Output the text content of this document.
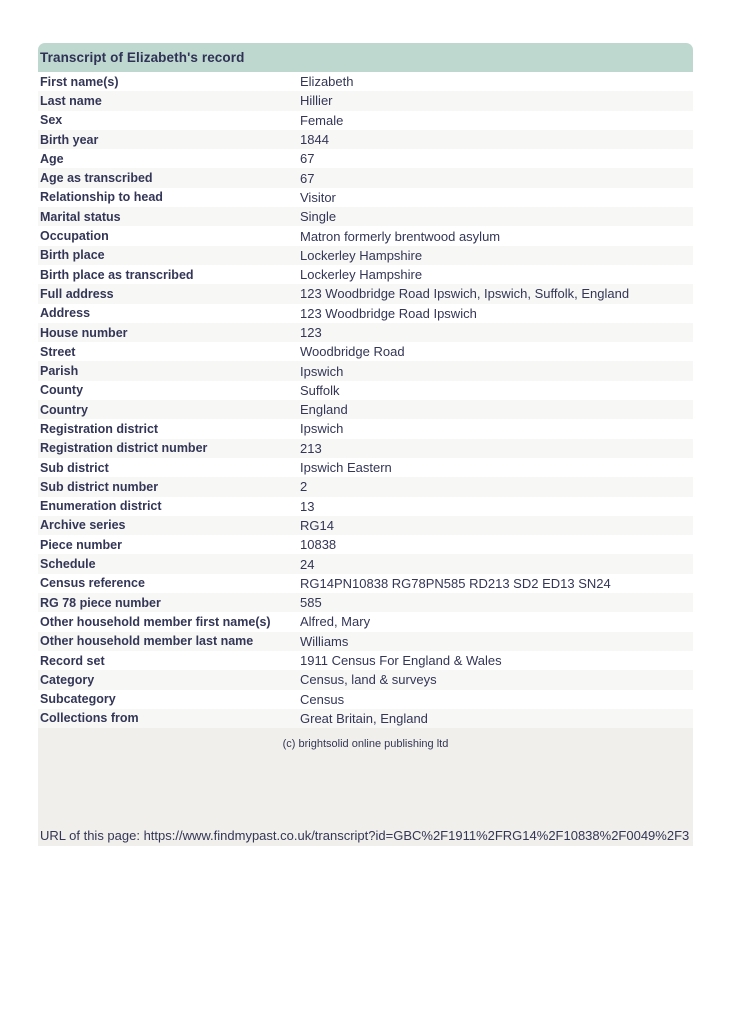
Transcript of Elizabeth's record
First name(s)	Elizabeth
Last name	Hillier
Sex	Female
Birth year	1844
Age	67
Age as transcribed	67
Relationship to head	Visitor
Marital status	Single
Occupation	Matron formerly brentwood asylum
Birth place	Lockerley Hampshire
Birth place as transcribed	Lockerley Hampshire
Full address	123 Woodbridge Road Ipswich, Ipswich, Suffolk, England
Address	123 Woodbridge Road Ipswich
House number	123
Street	Woodbridge Road
Parish	Ipswich
County	Suffolk
Country	England
Registration district	Ipswich
Registration district number	213
Sub district	Ipswich Eastern
Sub district number	2
Enumeration district	13
Archive series	RG14
Piece number	10838
Schedule	24
Census reference	RG14PN10838 RG78PN585 RD213 SD2 ED13 SN24
RG 78 piece number	585
Other household member first name(s)	Alfred, Mary
Other household member last name	Williams
Record set	1911 Census For England & Wales
Category	Census, land & surveys
Subcategory	Census
Collections from	Great Britain, England

(c) brightsolid online publishing ltd

URL of this page: https://www.findmypast.co.uk/transcript?id=GBC%2F1911%2FRG14%2F10838%2F0049%2F3
